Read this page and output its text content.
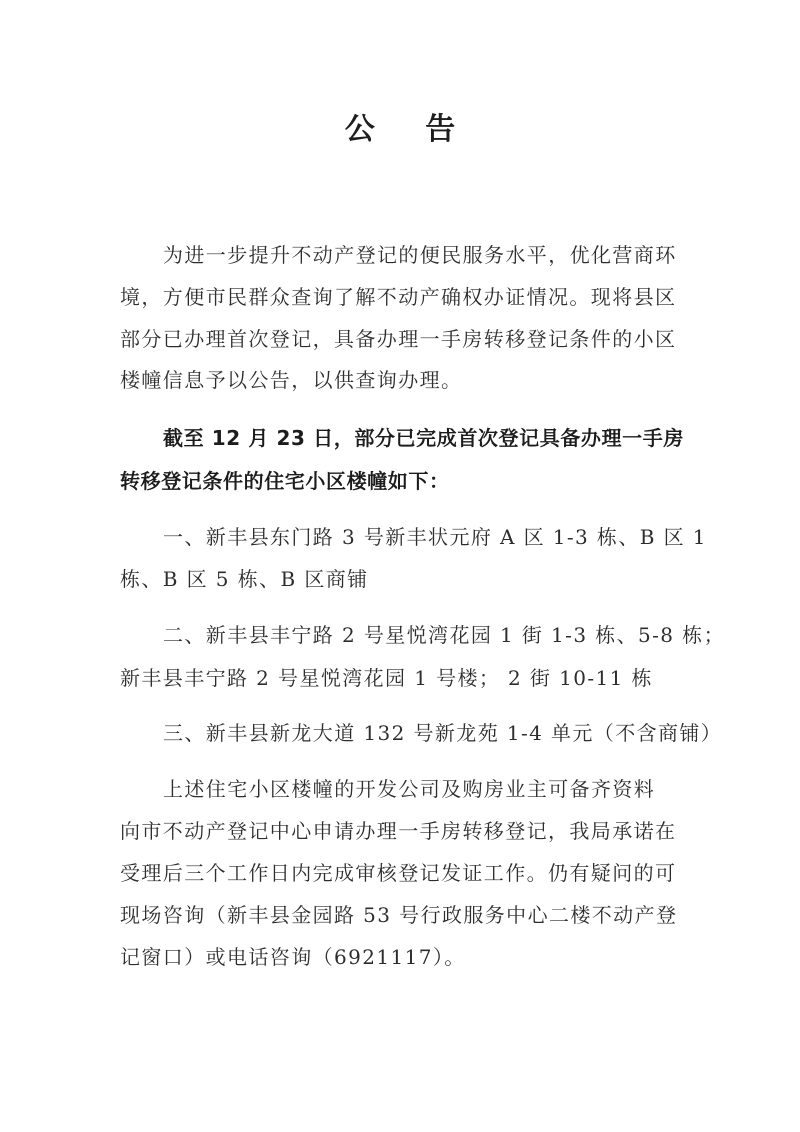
公 告
为进一步提升不动产登记的便民服务水平，优化营商环
境，方便市民群众查询了解不动产确权办证情况。现将县区
部分已办理首次登记，具备办理一手房转移登记条件的小区
楼幢信息予以公告，以供查询办理。
截至 12 月 23 日，部分已完成首次登记具备办理一手房
转移登记条件的住宅小区楼幢如下：
一、新丰县东门路 3 号新丰状元府 A 区 1-3 栋、B 区 1
栋、B 区 5 栋、B 区商铺
二、新丰县丰宁路 2 号星悦湾花园 1 街 1-3 栋、5-8 栋；
新丰县丰宁路 2 号星悦湾花园 1 号楼； 2 街 10-11 栋
三、新丰县新龙大道 132 号新龙苑 1-4 单元（不含商铺）
上述住宅小区楼幢的开发公司及购房业主可备齐资料
向市不动产登记中心申请办理一手房转移登记，我局承诺在
受理后三个工作日内完成审核登记发证工作。仍有疑问的可
现场咨询（新丰县金园路 53 号行政服务中心二楼不动产登
记窗口）或电话咨询（6921117）。
